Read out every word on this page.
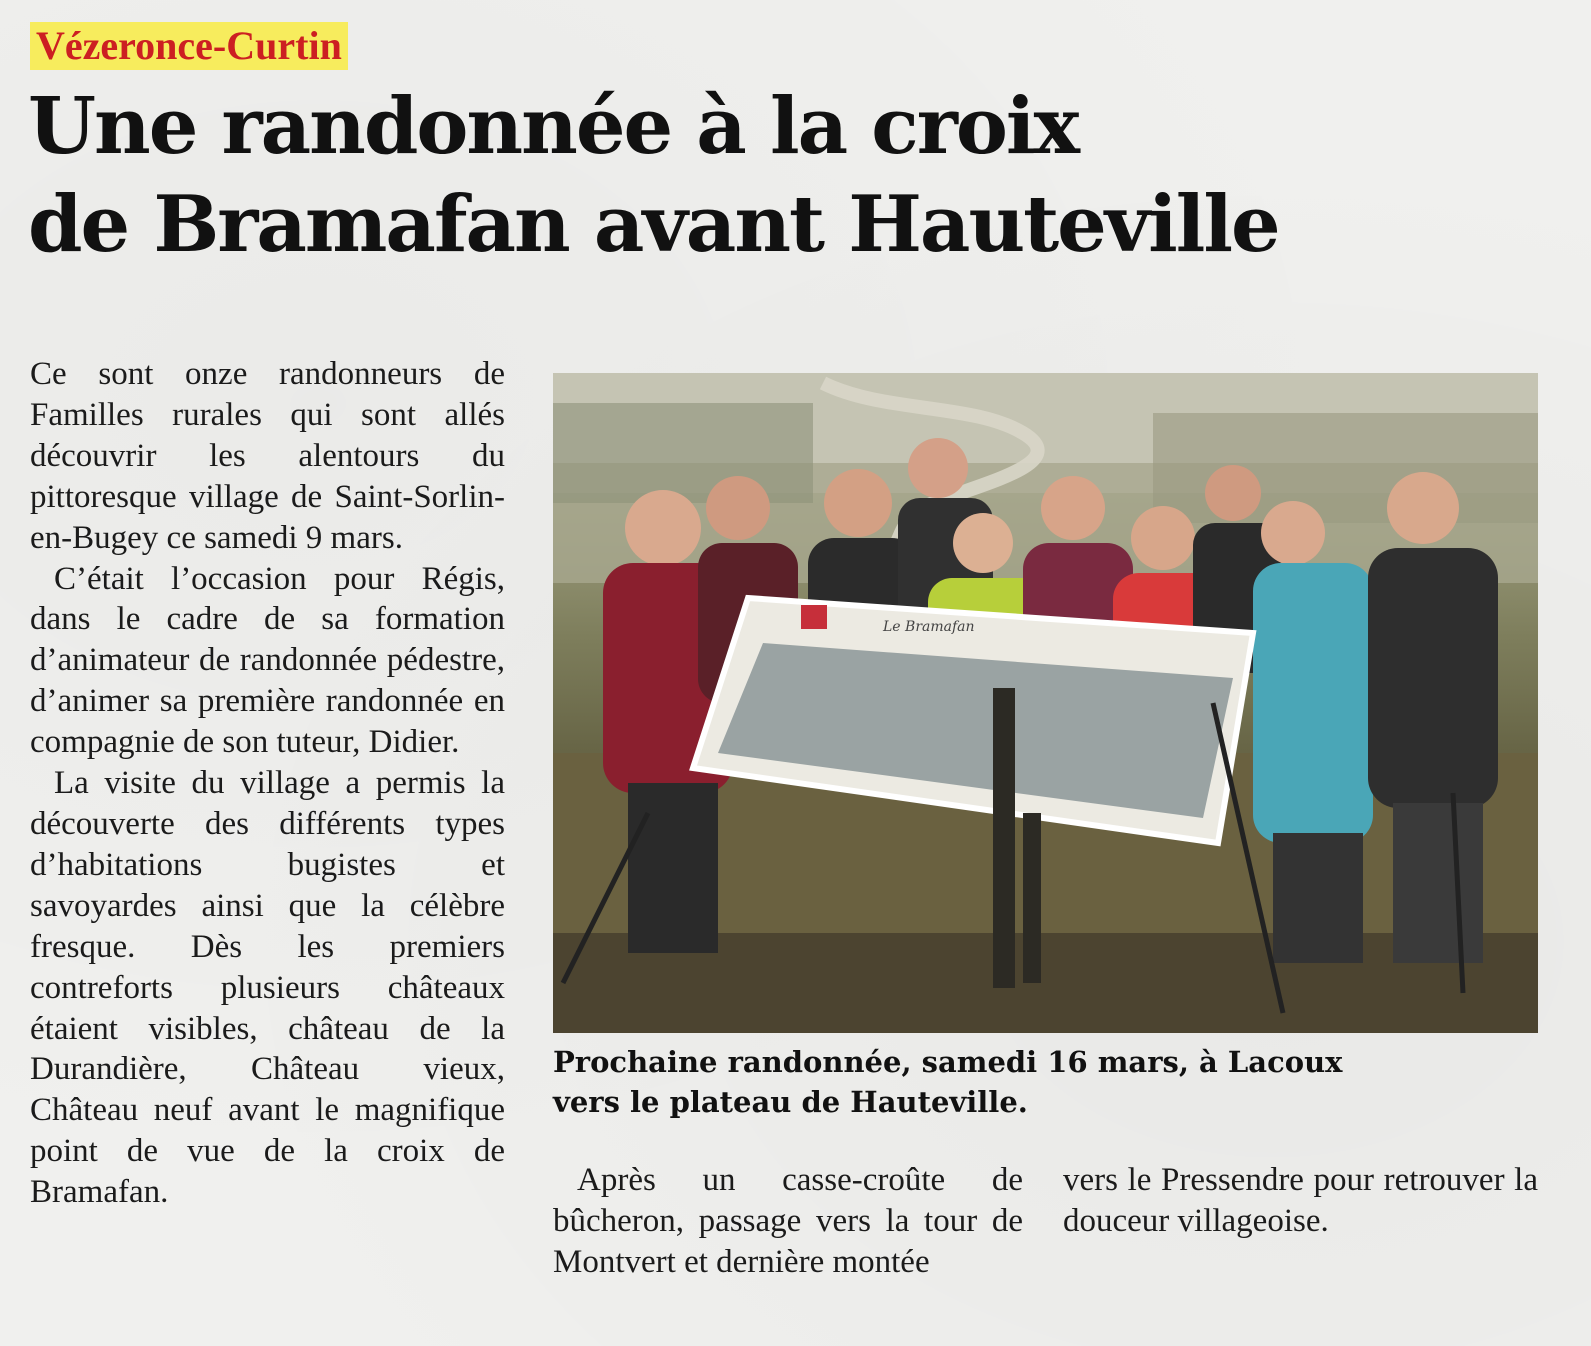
Vézeronce-Curtin
Une randonnée à la croix
de Bramafan avant Hauteville

Ce sont onze randonneurs de Familles rurales qui sont allés découvrir les alentours du pittoresque village de Saint-Sorlin-en-Bugey ce samedi 9 mars.

C’était l’occasion pour Régis, dans le cadre de sa formation d’animateur de randonnée pédestre, d’animer sa première randonnée en compagnie de son tuteur, Didier.

La visite du village a permis la découverte des différents types d’habitations bugistes et savoyardes ainsi que la célèbre fresque. Dès les premiers contreforts plusieurs châteaux étaient visibles, château de la Durandière, Château vieux, Château neuf avant le magnifique point de vue de la croix de Bramafan.

Le Bramafan
Prochaine randonnée, samedi 16 mars, à Lacoux
vers le plateau de Hauteville.

Après un casse-croûte de bûcheron, passage vers la tour de Montvert et dernière montée

vers le Pressendre pour retrouver la douceur villageoise.
